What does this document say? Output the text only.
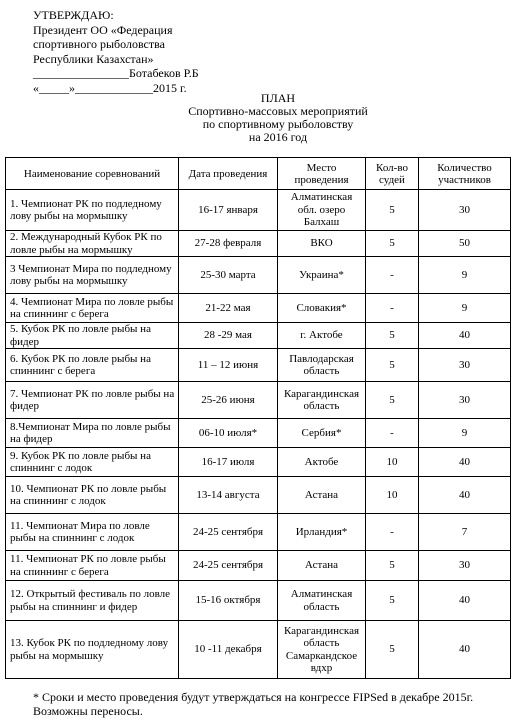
УТВЕРЖДАЮ:
Президент ОО «Федерация
спортивного рыболовства
Республики Казахстан»
________________Ботабеков Р.Б
«_____»_____________2015 г.
ПЛАН
Спортивно-массовых мероприятий
по спортивному рыболовству
на 2016 год
Наименование соревнований	Дата проведения	Место проведения	Кол-во судей	Количество участников
1. Чемпионат РК по подледному лову рыбы на мормышку	16-17 января	Алматинская обл. озеро Балхаш	5	30
2. Международный Кубок РК по ловле рыбы на мормышку	27-28 февраля	ВКО	5	50
3 Чемпионат Мира по подледному лову рыбы на мормышку	25-30 марта	Украина*	-	9
4. Чемпионат Мира по ловле рыбы на спиннинг с берега	21-22 мая	Словакия*	-	9
5. Кубок РК по ловле рыбы на фидер	28 -29 мая	г. Актобе	5	40
6. Кубок РК по ловле рыбы на спиннинг с берега	11 – 12 июня	Павлодарская область	5	30
7. Чемпионат РК по ловле рыбы на фидер	25-26 июня	Карагандинская область	5	30
8.Чемпионат Мира по ловле рыбы на фидер	06-10 июля*	Сербия*	-	9
9. Кубок РК по ловле рыбы на спиннинг с лодок	16-17 июля	Актобе	10	40
10. Чемпионат РК по ловле рыбы на спиннинг с лодок	13-14 августа	Астана	10	40
11. Чемпионат Мира по ловле рыбы на спиннинг с лодок	24-25 сентября	Ирландия*	-	7
11. Чемпионат РК по ловле рыбы на спиннинг с берега	24-25 сентября	Астана	5	30
12. Открытый фестиваль по ловле рыбы на спиннинг и фидер	15-16 октября	Алматинская область	5	40
13. Кубок РК по подледному лову рыбы на мормышку	10 -11 декабря	Карагандинская область Самаркандское вдхр	5	40
* Сроки и место проведения будут утверждаться на конгрессе FIPSed в декабре 2015г.
Возможны переносы.
